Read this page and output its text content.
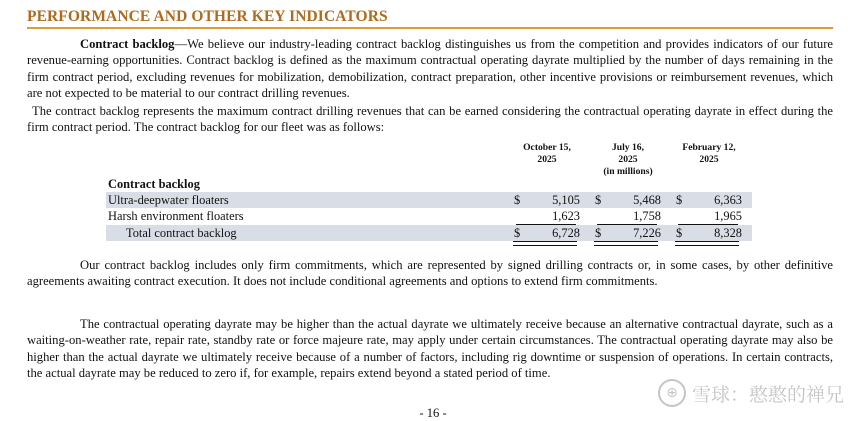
PERFORMANCE AND OTHER KEY INDICATORS
Contract backlog—We believe our industry-leading contract backlog distinguishes us from the competition and provides indicators of our future revenue-earning opportunities. Contract backlog is defined as the maximum contractual operating dayrate multiplied by the number of days remaining in the firm contract period, excluding revenues for mobilization, demobilization, contract preparation, other incentive provisions or reimbursement revenues, which are not expected to be material to our contract drilling revenues.
The contract backlog represents the maximum contract drilling revenues that can be earned considering the contractual operating dayrate in effect during the firm contract period. The contract backlog for our fleet was as follows:
October 15,
2025
July 16,
2025
(in millions)
February 12,
2025
Contract backlog
Ultra-deepwater floaters	$	5,105 $	5,468 $	6,363
Harsh environment floaters	1,623	1,758	1,965
Total contract backlog	$	6,728 $	7,226 $	8,328
Our contract backlog includes only firm commitments, which are represented by signed drilling contracts or, in some cases, by other definitive agreements awaiting contract execution. It does not include conditional agreements and options to extend firm commitments.
The contractual operating dayrate may be higher than the actual dayrate we ultimately receive because an alternative contractual dayrate, such as a waiting-on-weather rate, repair rate, standby rate or force majeure rate, may apply under certain circumstances. The contractual operating dayrate may also be higher than the actual dayrate we ultimately receive because of a number of factors, including rig downtime or suspension of operations. In certain contracts, the actual dayrate may be reduced to zero if, for example, repairs extend beyond a stated period of time.
- 16 -
⊕ 雪球：憨憨的禅兄
